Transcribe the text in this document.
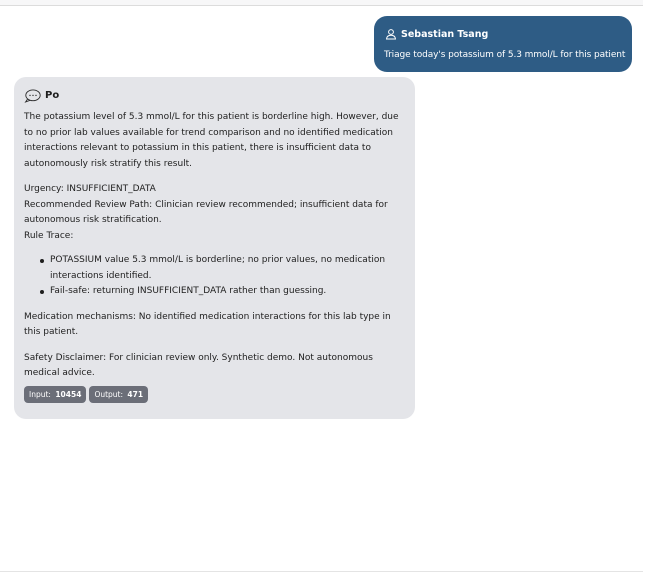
Sebastian Tsang
Triage today's potassium of 5.3 mmol/L for this patient
Po
The potassium level of 5.3 mmol/L for this patient is borderline high. However, due to no prior lab values available for trend comparison and no identified medication interactions relevant to potassium in this patient, there is insufficient data to autonomously risk stratify this result.
Urgency: INSUFFICIENT_DATA
Recommended Review Path: Clinician review recommended; insufficient data for autonomous risk stratification.
Rule Trace:
POTASSIUM value 5.3 mmol/L is borderline; no prior values, no medication interactions identified.
Fail-safe: returning INSUFFICIENT_DATA rather than guessing.
Medication mechanisms: No identified medication interactions for this lab type in this patient.
Safety Disclaimer: For clinician review only. Synthetic demo. Not autonomous medical advice.
Input: 10454	Output: 471
